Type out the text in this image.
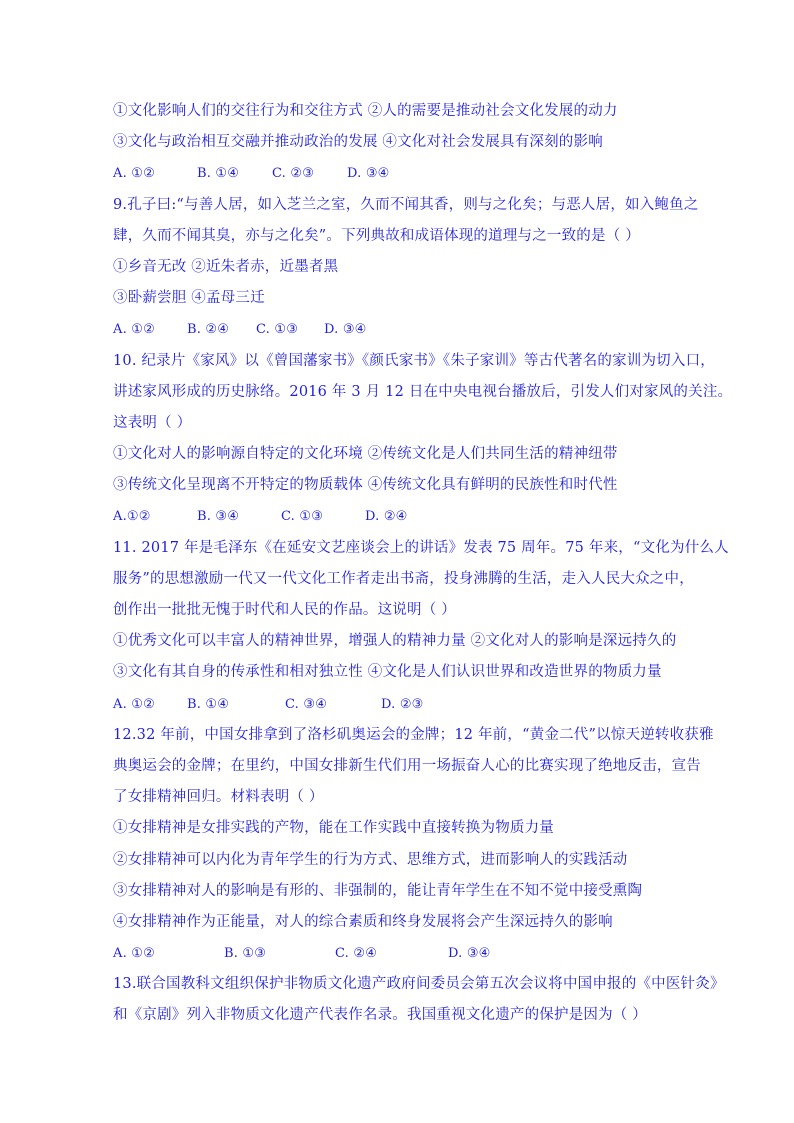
①文化影响人们的交往行为和交往方式 ②人的需要是推动社会文化发展的动力
③文化与政治相互交融并推动政治的发展 ④文化对社会发展具有深刻的影响
A. ①②	B. ①④	C. ②③	D. ③④
9.孔子曰:“与善人居，如入芝兰之室，久而不闻其香，则与之化矣；与恶人居，如入鲍鱼之
肆，久而不闻其臭，亦与之化矣”。下列典故和成语体现的道理与之一致的是（ ）
①乡音无改 ②近朱者赤，近墨者黑
③卧薪尝胆 ④孟母三迁
A. ①② B. ②④ C. ①③ D. ③④
10. 纪录片《家风》以《曾国藩家书》《颜氏家书》《朱子家训》等古代著名的家训为切入口，
讲述家风形成的历史脉络。2016 年 3 月 12 日在中央电视台播放后，引发人们对家风的关注。
这表明（ ）
①文化对人的影响源自特定的文化环境 ②传统文化是人们共同生活的精神纽带
③传统文化呈现离不开特定的物质载体 ④传统文化具有鲜明的民族性和时代性
A.①②	B. ③④	C. ①③	D. ②④
11. 2017 年是毛泽东《在延安文艺座谈会上的讲话》发表 75 周年。75 年来，“文化为什么人
服务”的思想激励一代又一代文化工作者走出书斋，投身沸腾的生活，走入人民大众之中，
创作出一批批无愧于时代和人民的作品。这说明（ ）
①优秀文化可以丰富人的精神世界，增强人的精神力量 ②文化对人的影响是深远持久的
③文化有其自身的传承性和相对独立性 ④文化是人们认识世界和改造世界的物质力量
A. ①② B. ①④	C. ③④	D. ②③
12.32 年前，中国女排拿到了洛杉矶奥运会的金牌；12 年前，“黄金二代”以惊天逆转收获雅
典奥运会的金牌；在里约，中国女排新生代们用一场振奋人心的比赛实现了绝地反击，宣告
了女排精神回归。材料表明（ ）
①女排精神是女排实践的产物，能在工作实践中直接转换为物质力量
②女排精神可以内化为青年学生的行为方式、思维方式，进而影响人的实践活动
③女排精神对人的影响是有形的、非强制的，能让青年学生在不知不觉中接受熏陶
④女排精神作为正能量，对人的综合素质和终身发展将会产生深远持久的影响
A. ①②	B. ①③	C. ②④	D. ③④
13.联合国教科文组织保护非物质文化遗产政府间委员会第五次会议将中国申报的《中医针灸》
和《京剧》列入非物质文化遗产代表作名录。我国重视文化遗产的保护是因为（ ）
